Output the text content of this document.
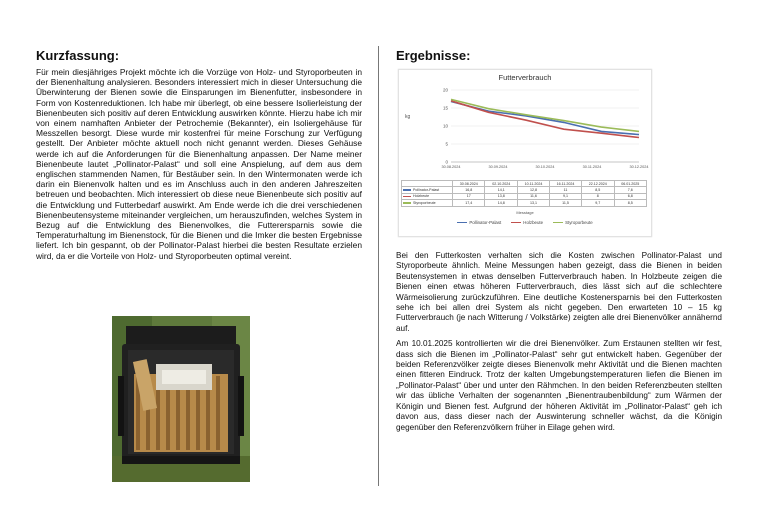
Kurzfassung:

Für mein diesjähriges Projekt möchte ich die Vorzüge von Holz- und Styroporbeuten in der Bienenhaltung analysieren. Besonders interessiert mich in dieser Untersuchung die Überwinterung der Bienen sowie die Einsparungen im Bienenfutter, insbesondere in Form von Kostenreduktionen. Ich habe mir überlegt, ob eine bessere Isolierleistung der Bienenbeuten sich positiv auf deren Entwicklung auswirken könnte. Hierzu habe ich mir von einem namhaften Anbieter der Petrochemie (Bekannter), ein Isoliergehäuse für Messzellen besorgt. Diese wurde mir kostenfrei für meine Forschung zur Verfügung gestellt. Der Anbieter möchte aktuell noch nicht genannt werden. Dieses Gehäuse werde ich auf die Anforderungen für die Bienenhaltung anpassen. Der Name meiner Bienenbeute lautet „Pollinator-Palast“ und soll eine Anspielung, auf dem aus dem englischen stammenden Namen, für Bestäuber sein. In den Wintermonaten werde ich darin ein Bienenvolk halten und es im Anschluss auch in den anderen Jahreszeiten betreuen und beobachten. Mich interessiert ob diese neue Bienenbeute sich positiv auf die Entwicklung und Futterbedarf auswirkt. Am Ende werde ich die drei verschiedenen Bienenbeutensysteme miteinander vergleichen, um herauszufinden, welches System in Bezug auf die Entwicklung des Bienenvolkes, die Futterersparnis sowie die Temperaturhaltung im Bienenstock, für die Bienen und die Imker die besten Ergebnisse liefert. Ich bin gespannt, ob der Pollinator-Palast hierbei die besten Resultate erzielen wird, da er die Vorteile von Holz- und Styroporbeuten optimal vereint.

Ergebnisse:
Futterverbrauch
kg
0
5
10
15
20
30.08.2024	30.09.2024	30.10.2024	30.11.2024	30.12.2024
	30.08.2024	02.10.2024	10.11.2024	16.11.2024	22.12.2024	06.01.2025
Pollinator-Palast	16,8	14,1	12,8	11	8,5	7,6
Holzbeute	17	13,8	11,6	9,1	8	6,8
Styroporbeute	17,4	14,8	13,1	11,5	9,7	8,5
Messtage
Pollinator-Palast	Holzbeute	Styroporbeute

Bei den Futterkosten verhalten sich die Kosten zwischen Pollinator-Palast und Styroporbeute ähnlich. Meine Messungen haben gezeigt, dass die Bienen in beiden Beutensystemen in etwas denselben Futterverbrauch haben. In Holzbeute zeigen die Bienen einen etwas höheren Futterverbrauch, dies lässt sich auf die schlechtere Wärmeisolierung zurückzuführen. Eine deutliche Kostenersparnis bei den Futterkosten sehe ich bei allen drei System als nicht gegeben. Den erwarteten 10 – 15 kg Futterverbrauch (je nach Witterung / Volkstärke) zeigten alle drei Bienenvölker annähernd auf.

Am 10.01.2025 kontrollierten wir die drei Bienenvölker. Zum Erstaunen stellten wir fest, dass sich die Bienen im „Pollinator-Palast“ sehr gut entwickelt haben. Gegenüber der beiden Referenzvölker zeigte dieses Bienenvolk mehr Aktivität und die Bienen machten einen fitteren Eindruck. Trotz der kalten Umgebungstemperaturen liefen die Bienen im „Pollinator-Palast“ über und unter den Rähmchen. In den beiden Referenzbeuten stellten wir das übliche Verhalten der sogenannten „Bienentraubenbildung“ zum Wärmen der Königin und Bienen fest. Aufgrund der höheren Aktivität im „Pollinator-Palast“ geh ich davon aus, dass dieser nach der Auswinterung schneller wächst, da die Königin gegenüber den Referenzvölkern früher in Eilage gehen wird.
